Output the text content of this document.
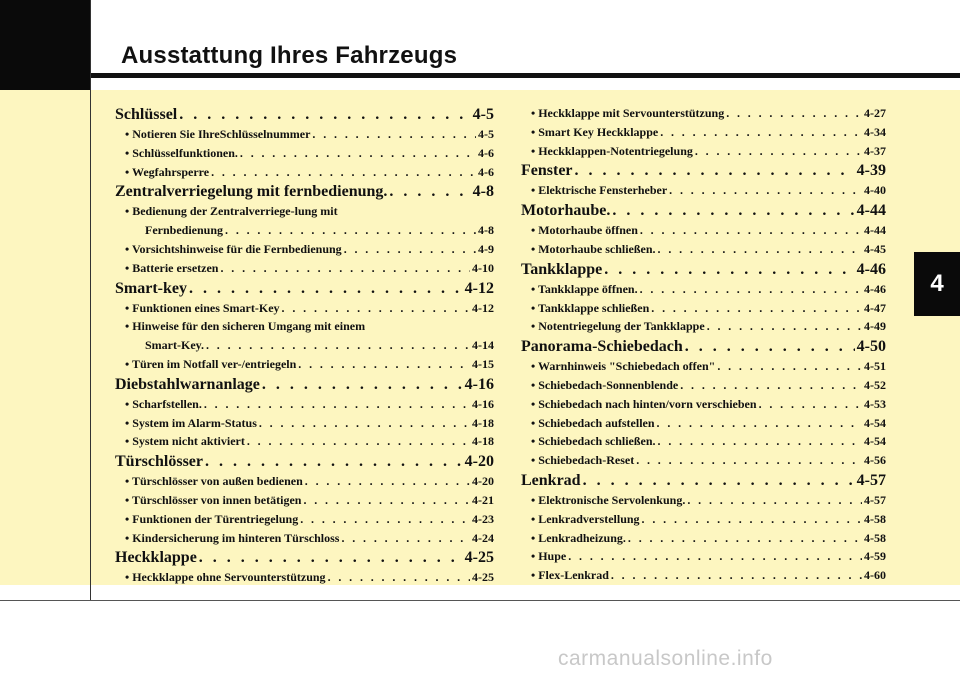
Ausstattung Ihres Fahrzeugs
4
Schlüssel . . .	4-5
• Notieren Sie IhreSchlüsselnummer . . .	4-5
• Schlüsselfunktionen. . . .	4-6
• Wegfahrsperre . . .	4-6
Zentralverriegelung mit fernbedienung. . . .	4-8
• Bedienung der Zentralverriege-lung mit
Fernbedienung . . .	4-8
• Vorsichtshinweise für die Fernbedienung . . .	4-9
• Batterie ersetzen . . .	4-10
Smart-key . . .	4-12
• Funktionen eines Smart-Key . . .	4-12
• Hinweise für den sicheren Umgang mit einem
Smart-Key. . . .	4-14
• Türen im Notfall ver-/entriegeln . . .	4-15
Diebstahlwarnanlage . . .	4-16
• Scharfstellen. . . .	4-16
• System im Alarm-Status . . .	4-18
• System nicht aktiviert . . .	4-18
Türschlösser . . .	4-20
• Türschlösser von außen bedienen . . .	4-20
• Türschlösser von innen betätigen . . .	4-21
• Funktionen der Türentriegelung . . .	4-23
• Kindersicherung im hinteren Türschloss . . .	4-24
Heckklappe . . .	4-25
• Heckklappe ohne Servounterstützung . . .	4-25
• Heckklappe mit Servounterstützung . . .	4-27
• Smart Key Heckklappe . . .	4-34
• Heckklappen-Notentriegelung . . .	4-37
Fenster . . .	4-39
• Elektrische Fensterheber . . .	4-40
Motorhaube. . . .	4-44
• Motorhaube öffnen . . .	4-44
• Motorhaube schließen. . . .	4-45
Tankklappe . . .	4-46
• Tankklappe öffnen. . . .	4-46
• Tankklappe schließen . . .	4-47
• Notentriegelung der Tankklappe . . .	4-49
Panorama-Schiebedach . . .	4-50
• Warnhinweis "Schiebedach offen" . . .	4-51
• Schiebedach-Sonnenblende . . .	4-52
• Schiebedach nach hinten/vorn verschieben . . .	4-53
• Schiebedach aufstellen . . .	4-54
• Schiebedach schließen. . . .	4-54
• Schiebedach-Reset . . .	4-56
Lenkrad . . .	4-57
• Elektronische Servolenkung. . . .	4-57
• Lenkradverstellung . . .	4-58
• Lenkradheizung. . . .	4-58
• Hupe . . .	4-59
• Flex-Lenkrad . . .	4-60
carmanualsonline.info
